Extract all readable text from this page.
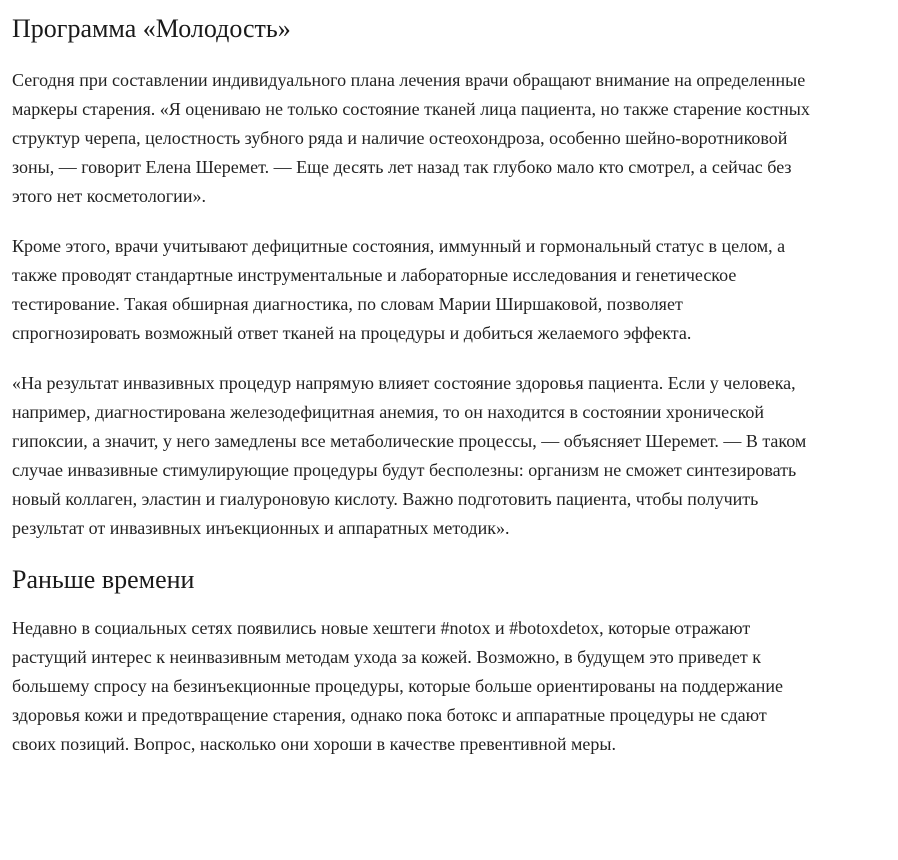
Программа «Молодость»

Сегодня при составлении индивидуального плана лечения врачи обращают внимание на определенные маркеры старения. «Я оцениваю не только состояние тканей лица пациента, но также старение костных структур черепа, целостность зубного ряда и наличие остеохондроза, особенно шейно-воротниковой зоны, — говорит Елена Шеремет. — Еще десять лет назад так глубоко мало кто смотрел, а сейчас без этого нет косметологии».

Кроме этого, врачи учитывают дефицитные состояния, иммунный и гормональный статус в целом, а также проводят стандартные инструментальные и лабораторные исследования и генетическое тестирование. Такая обширная диагностика, по словам Марии Ширшаковой, позволяет спрогнозировать возможный ответ тканей на процедуры и добиться желаемого эффекта.

«На результат инвазивных процедур напрямую влияет состояние здоровья пациента. Если у человека, например, диагностирована железодефицитная анемия, то он находится в состоянии хронической гипоксии, а значит, у него замедлены все метаболические процессы, — объясняет Шеремет. — В таком случае инвазивные стимулирующие процедуры будут бесполезны: организм не сможет синтезировать новый коллаген, эластин и гиалуроновую кислоту. Важно подготовить пациента, чтобы получить результат от инвазивных инъекционных и аппаратных методик».

Раньше времени

Недавно в социальных сетях появились новые хештеги #notox и #botoxdetox, которые отражают растущий интерес к неинвазивным методам ухода за кожей. Возможно, в будущем это приведет к большему спросу на безинъекционные процедуры, которые больше ориентированы на поддержание здоровья кожи и предотвращение старения, однако пока ботокс и аппаратные процедуры не сдают своих позиций. Вопрос, насколько они хороши в качестве превентивной меры.
